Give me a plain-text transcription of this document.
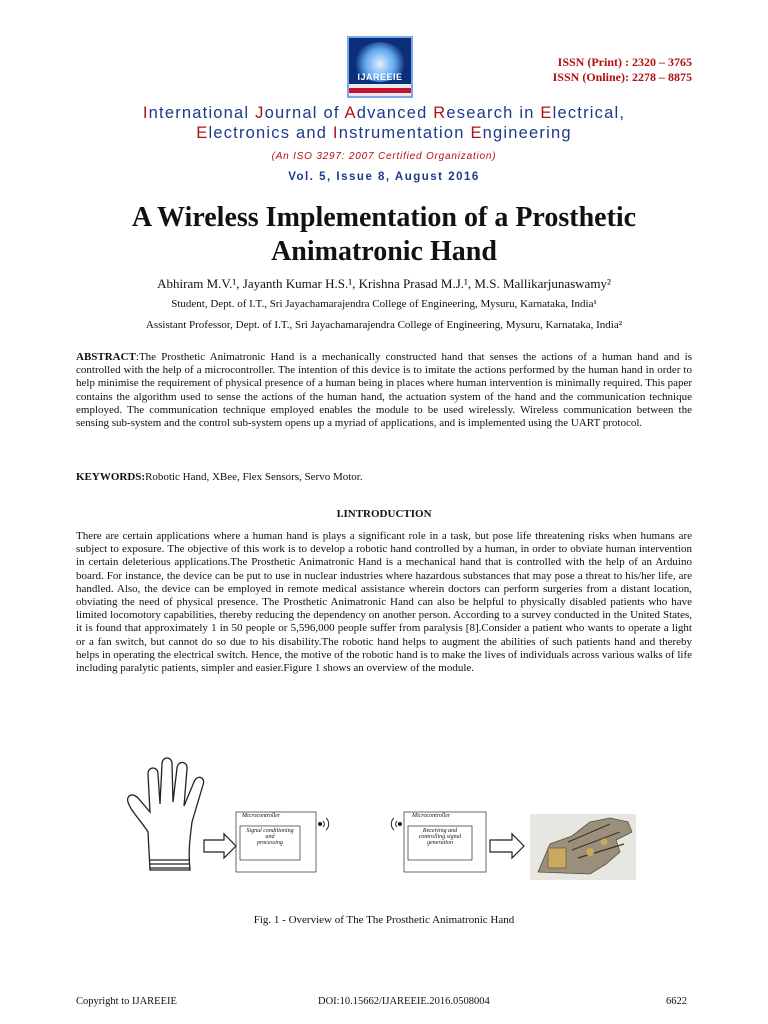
IJAREEIE
ISSN (Print) : 2320 – 3765
ISSN (Online): 2278 – 8875
International Journal of Advanced Research in Electrical,
Electronics and Instrumentation Engineering
(An ISO 3297: 2007 Certified Organization)
Vol. 5, Issue 8, August 2016
A Wireless Implementation of a Prosthetic
Animatronic Hand
Abhiram M.V.¹, Jayanth Kumar H.S.¹, Krishna Prasad M.J.¹, M.S. Mallikarjunaswamy²
Student, Dept. of I.T., Sri Jayachamarajendra College of Engineering, Mysuru, Karnataka, India¹
Assistant Professor, Dept. of I.T., Sri Jayachamarajendra College of Engineering, Mysuru, Karnataka, India²
ABSTRACT:The Prosthetic Animatronic Hand is a mechanically constructed hand that senses the actions of a human hand and is controlled with the help of a microcontroller. The intention of this device is to imitate the actions performed by the human hand in order to help minimise the requirement of physical presence of a human being in places where human intervention is minimally required. This paper contains the algorithm used to sense the actions of the human hand, the actuation system of the hand and the communication technique employed. The communication technique employed enables the module to be used wirelessly. Wireless communication between the sensing sub-system and the control sub-system opens up a myriad of applications, and is implemented using the UART protocol.
KEYWORDS:Robotic Hand, XBee, Flex Sensors, Servo Motor.
I.INTRODUCTION
There are certain applications where a human hand is plays a significant role in a task, but pose life threatening risks when humans are subject to exposure. The objective of this work is to develop a robotic hand controlled by a human, in order to obviate human intervention in certain deleterious applications.The Prosthetic Animatronic Hand is a mechanical hand that is controlled with the help of an Arduino board. For instance, the device can be put to use in nuclear industries where hazardous substances that may pose a threat to his/her life, are handled. Also, the device can be employed in remote medical assistance wherein doctors can perform surgeries from a distant location, obviating the need of physical presence. The Prosthetic Animatronic Hand can also be helpful to physically disabled patients who have limited locomotory capabilities, thereby reducing the dependency on another person. According to a survey conducted in the United States, it is found that approximately 1 in 50 people or 5,596,000 people suffer from paralysis [8].Consider a patient who wants to operate a light or a fan switch, but cannot do so due to his disability.The robotic hand helps to augment the abilities of such patients hand and thereby helps in operating the electrical switch. Hence, the motive of the robotic hand is to make the lives of individuals across various walks of life including paralytic patients, simpler and easier.Figure 1 shows an overview of the module.
Microcontroller
Signal conditioning
and
processing
Microcontroller
Receiving and
controlling signal
generation
Fig. 1 - Overview of The The Prosthetic Animatronic Hand
Copyright to IJAREEIE	DOI:10.15662/IJAREEIE.2016.0508004	6622
